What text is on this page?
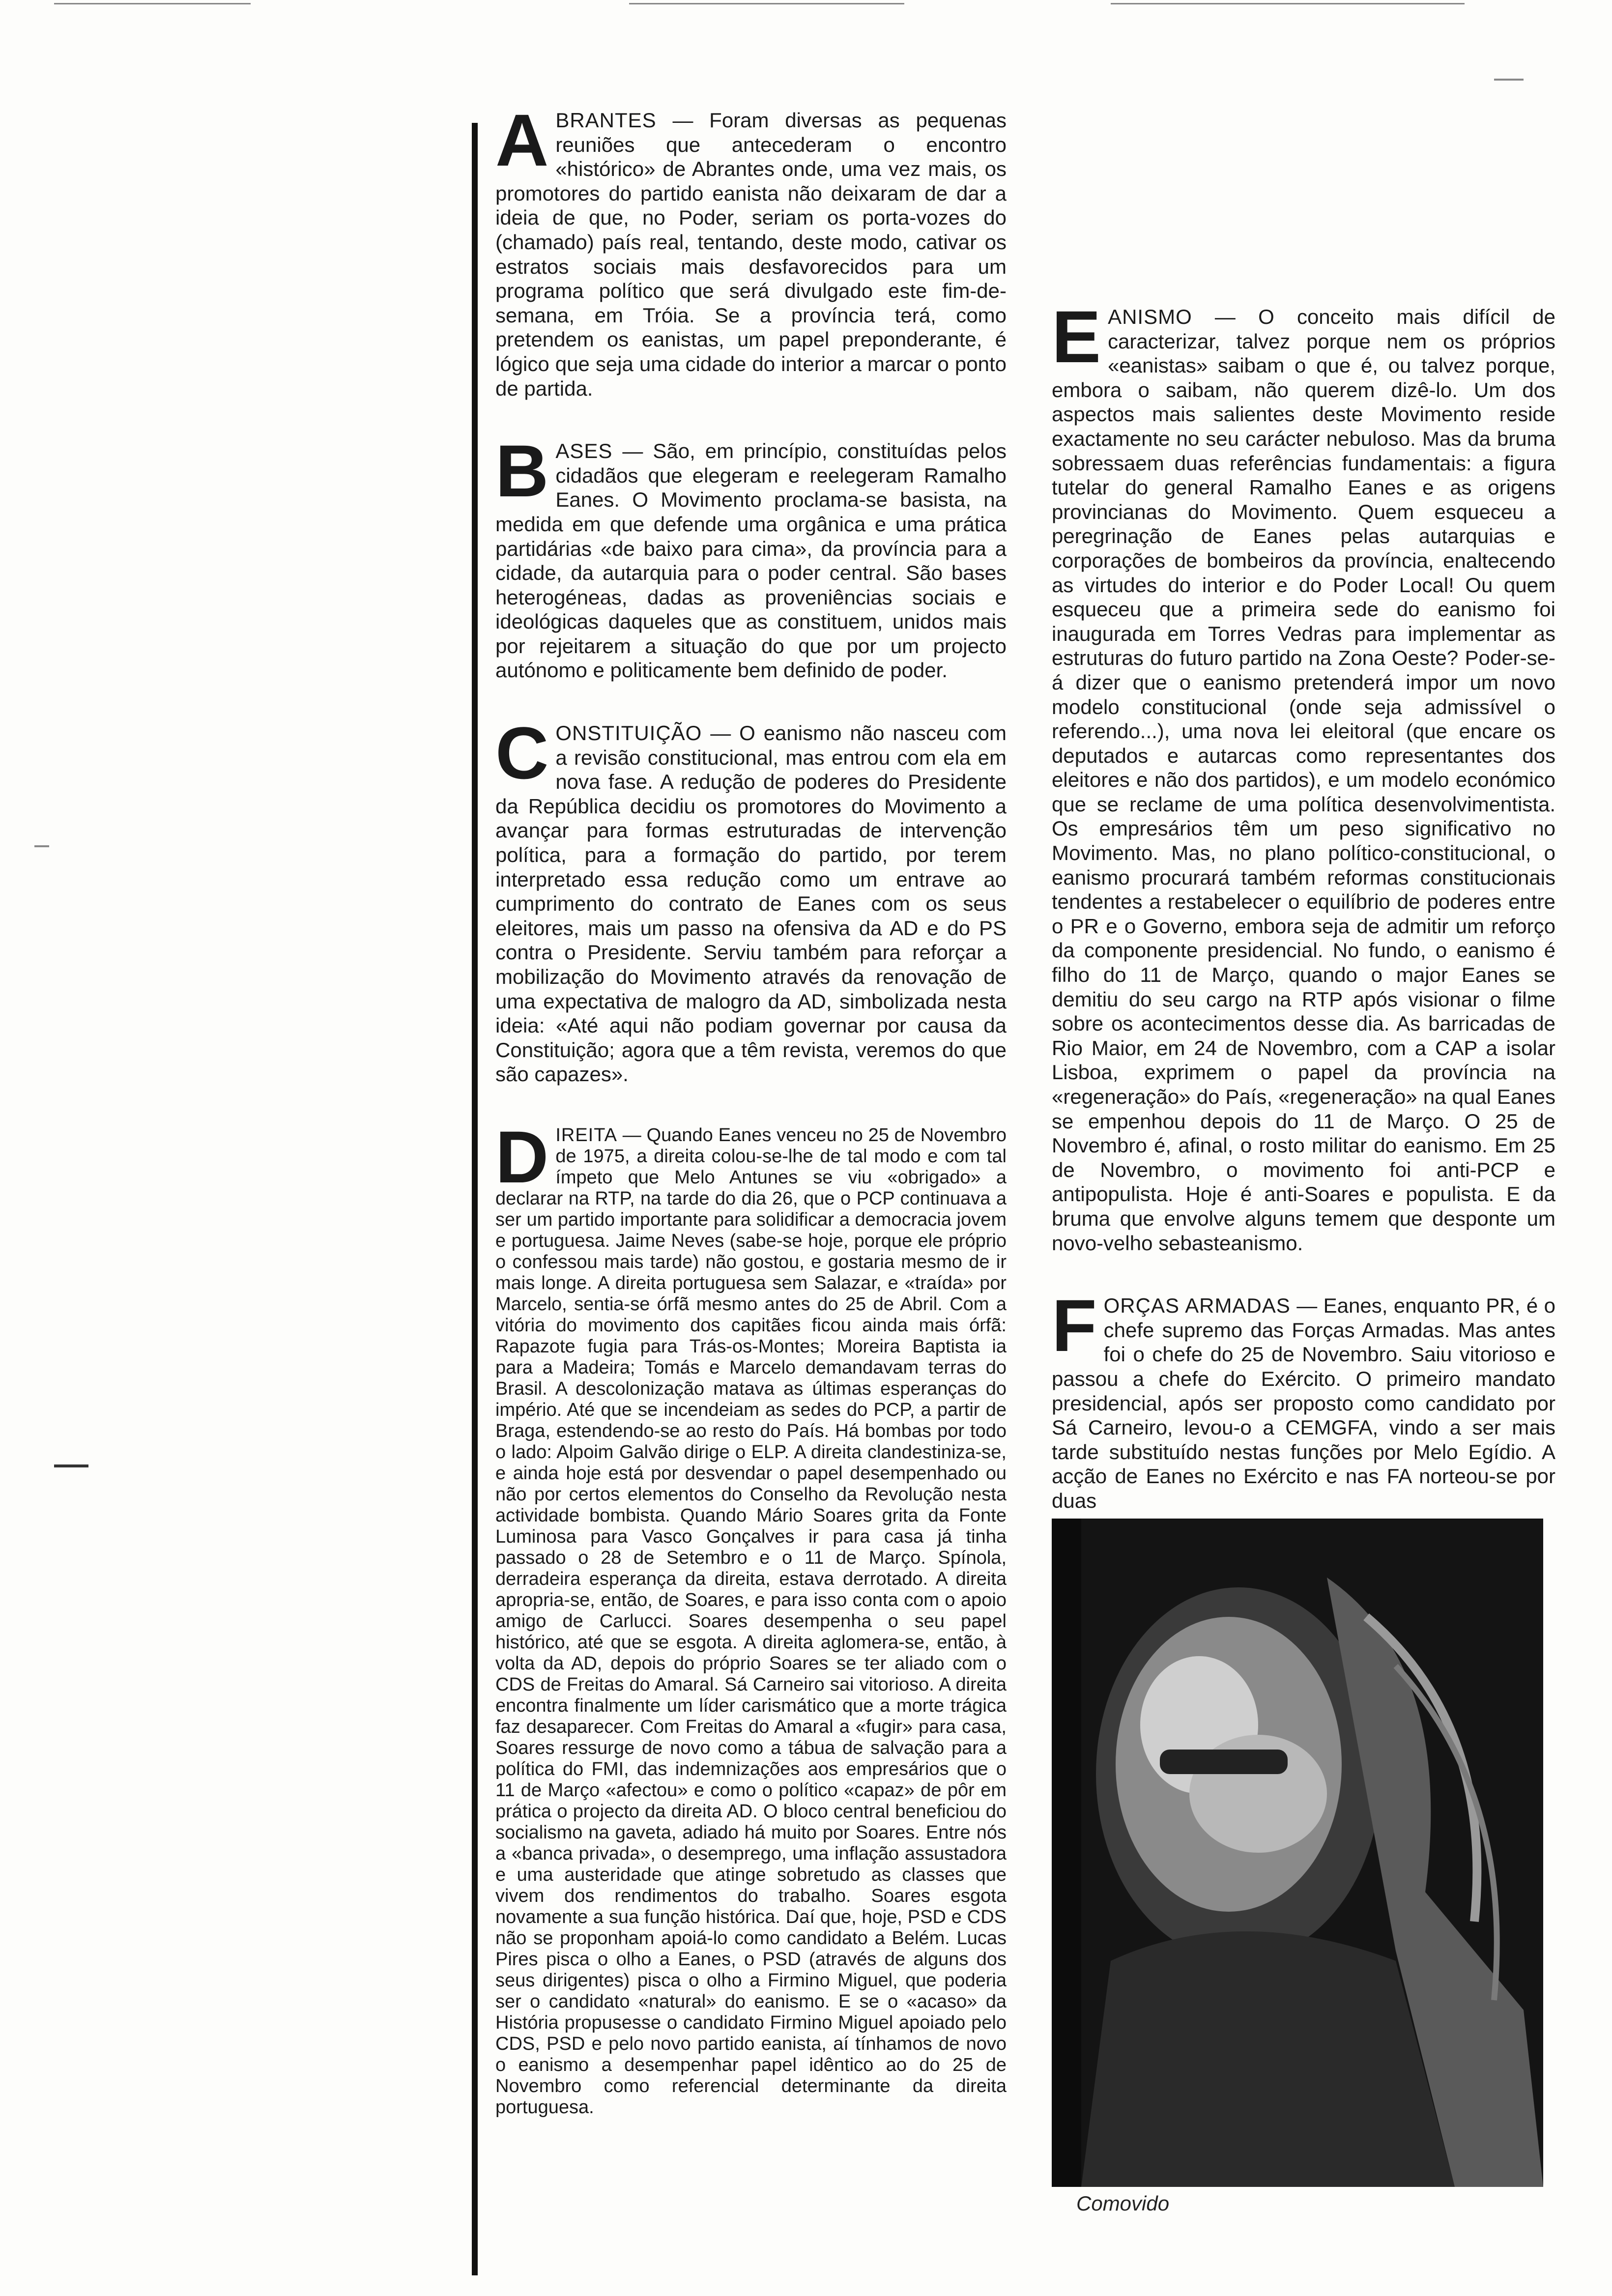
A BRANTES — Foram diversas as pequenas reuniões que antecederam o encontro «histórico» de Abrantes onde, uma vez mais, os promotores do partido eanista não deixaram de dar a ideia de que, no Poder, seriam os porta-vozes do (chamado) país real, tentando, deste modo, cativar os estratos sociais mais desfavorecidos para um programa político que será divulgado este fim-de-semana, em Tróia. Se a província terá, como pretendem os eanistas, um papel preponderante, é lógico que seja uma cidade do interior a marcar o ponto de partida.

B ASES — São, em princípio, constituídas pelos cidadãos que elegeram e reelegeram Ramalho Eanes. O Movimento proclama-se basista, na medida em que defende uma orgânica e uma prática partidárias «de baixo para cima», da província para a cidade, da autarquia para o poder central. São bases heterogéneas, dadas as proveniências sociais e ideológicas daqueles que as constituem, unidos mais por rejeitarem a situação do que por um projecto autónomo e politicamente bem definido de poder.

C ONSTITUIÇÃO — O eanismo não nasceu com a revisão constitucional, mas entrou com ela em nova fase. A redução de poderes do Presidente da República decidiu os promotores do Movimento a avançar para formas estruturadas de intervenção política, para a formação do partido, por terem interpretado essa redução como um entrave ao cumprimento do contrato de Eanes com os seus eleitores, mais um passo na ofensiva da AD e do PS contra o Presidente. Serviu também para reforçar a mobilização do Movimento através da renovação de uma expectativa de malogro da AD, simbolizada nesta ideia: «Até aqui não podiam governar por causa da Constituição; agora que a têm revista, veremos do que são capazes».

D IREITA — Quando Eanes venceu no 25 de Novembro de 1975, a direita colou-se-lhe de tal modo e com tal ímpeto que Melo Antunes se viu «obrigado» a declarar na RTP, na tarde do dia 26, que o PCP continuava a ser um partido importante para solidificar a democracia jovem e portuguesa. Jaime Neves (sabe-se hoje, porque ele próprio o confessou mais tarde) não gostou, e gostaria mesmo de ir mais longe. A direita portuguesa sem Salazar, e «traída» por Marcelo, sentia-se órfã mesmo antes do 25 de Abril. Com a vitória do movimento dos capitães ficou ainda mais órfã: Rapazote fugia para Trás-os-Montes; Moreira Baptista ia para a Madeira; Tomás e Marcelo demandavam terras do Brasil. A descolonização matava as últimas esperanças do império. Até que se incendeiam as sedes do PCP, a partir de Braga, estendendo-se ao resto do País. Há bombas por todo o lado: Alpoim Galvão dirige o ELP. A direita clandestiniza-se, e ainda hoje está por desvendar o papel desempenhado ou não por certos elementos do Conselho da Revolução nesta actividade bombista. Quando Mário Soares grita da Fonte Luminosa para Vasco Gonçalves ir para casa já tinha passado o 28 de Setembro e o 11 de Março. Spínola, derradeira esperança da direita, estava derrotado. A direita apropria-se, então, de Soares, e para isso conta com o apoio amigo de Carlucci. Soares desempenha o seu papel histórico, até que se esgota. A direita aglomera-se, então, à volta da AD, depois do próprio Soares se ter aliado com o CDS de Freitas do Amaral. Sá Carneiro sai vitorioso. A direita encontra finalmente um líder carismático que a morte trágica faz desaparecer. Com Freitas do Amaral a «fugir» para casa, Soares ressurge de novo como a tábua de salvação para a política do FMI, das indemnizações aos empresários que o 11 de Março «afectou» e como o político «capaz» de pôr em prática o projecto da direita AD. O bloco central beneficiou do socialismo na gaveta, adiado há muito por Soares. Entre nós a «banca privada», o desemprego, uma inflação assustadora e uma austeridade que atinge sobretudo as classes que vivem dos rendimentos do trabalho. Soares esgota novamente a sua função histórica. Daí que, hoje, PSD e CDS não se proponham apoiá-lo como candidato a Belém. Lucas Pires pisca o olho a Eanes, o PSD (através de alguns dos seus dirigentes) pisca o olho a Firmino Miguel, que poderia ser o candidato «natural» do eanismo. E se o «acaso» da História propusesse o candidato Firmino Miguel apoiado pelo CDS, PSD e pelo novo partido eanista, aí tínhamos de novo o eanismo a desempenhar papel idêntico ao do 25 de Novembro como referencial determinante da direita portuguesa.

E ANISMO — O conceito mais difícil de caracterizar, talvez porque nem os próprios «eanistas» saibam o que é, ou talvez porque, embora o saibam, não querem dizê-lo. Um dos aspectos mais salientes deste Movimento reside exactamente no seu carácter nebuloso. Mas da bruma sobressaem duas referências fundamentais: a figura tutelar do general Ramalho Eanes e as origens provincianas do Movimento. Quem esqueceu a peregrinação de Eanes pelas autarquias e corporações de bombeiros da província, enaltecendo as virtudes do interior e do Poder Local! Ou quem esqueceu que a primeira sede do eanismo foi inaugurada em Torres Vedras para implementar as estruturas do futuro partido na Zona Oeste? Poder-se-á dizer que o eanismo pretenderá impor um novo modelo constitucional (onde seja admissível o referendo...), uma nova lei eleitoral (que encare os deputados e autarcas como representantes dos eleitores e não dos partidos), e um modelo económico que se reclame de uma política desenvolvimentista. Os empresários têm um peso significativo no Movimento. Mas, no plano político-constitucional, o eanismo procurará também reformas constitucionais tendentes a restabelecer o equilíbrio de poderes entre o PR e o Governo, embora seja de admitir um reforço da componente presidencial. No fundo, o eanismo é filho do 11 de Março, quando o major Eanes se demitiu do seu cargo na RTP após visionar o filme sobre os acontecimentos desse dia. As barricadas de Rio Maior, em 24 de Novembro, com a CAP a isolar Lisboa, exprimem o papel da província na «regeneração» do País, «regeneração» na qual Eanes se empenhou depois do 11 de Março. O 25 de Novembro é, afinal, o rosto militar do eanismo. Em 25 de Novembro, o movimento foi anti-PCP e antipopulista. Hoje é anti-Soares e populista. E da bruma que envolve alguns temem que desponte um novo-velho sebasteanismo.

F ORÇAS ARMADAS — Eanes, enquanto PR, é o chefe supremo das Forças Armadas. Mas antes foi o chefe do 25 de Novembro. Saiu vitorioso e passou a chefe do Exército. O primeiro mandato presidencial, após ser proposto como candidato por Sá Carneiro, levou-o a CEMGFA, vindo a ser mais tarde substituído nestas funções por Melo Egídio. A acção de Eanes no Exército e nas FA norteou-se por duas

Comovido
